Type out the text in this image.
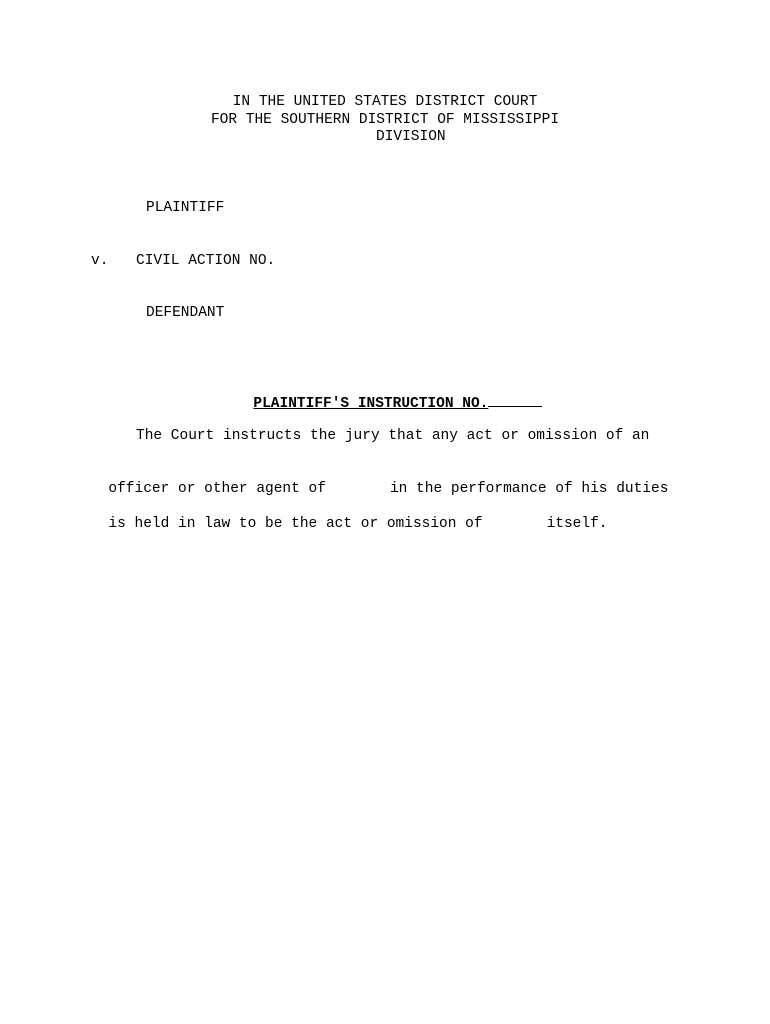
IN THE UNITED STATES DISTRICT COURT
FOR THE SOUTHERN DISTRICT OF MISSISSIPPI
DIVISION
PLAINTIFF
v. CIVIL ACTION NO.
DEFENDANT

PLAINTIFF'S INSTRUCTION NO.

The Court instructs the jury that any act or omission of an

officer or other agent of	in the performance of his duties

is held in law to be the act or omission of	itself.
